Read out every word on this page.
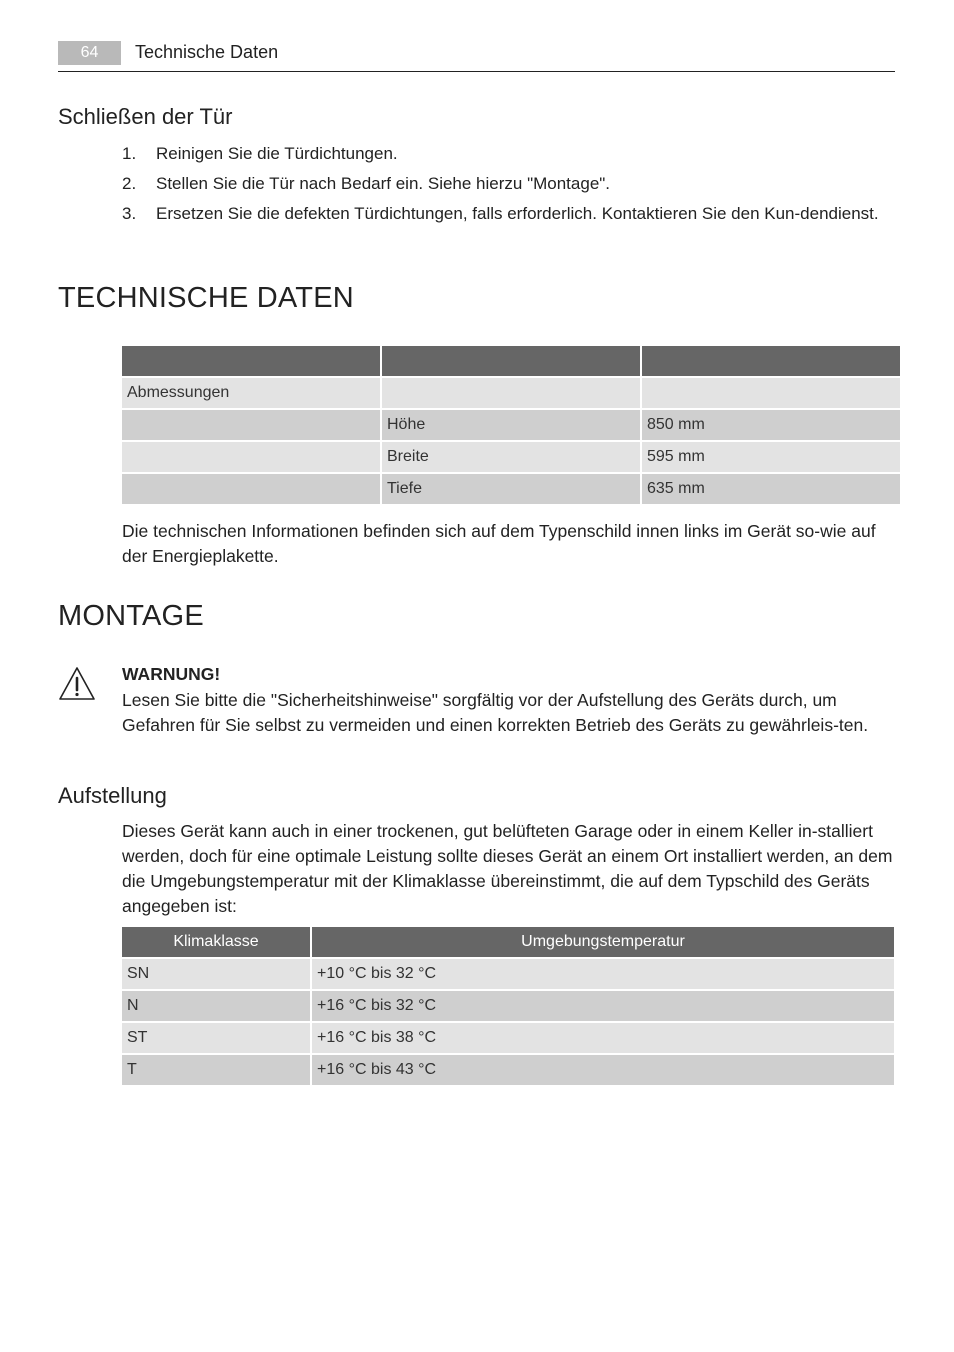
64	Technische Daten
Schließen der Tür
1. Reinigen Sie die Türdichtungen.
2. Stellen Sie die Tür nach Bedarf ein. Siehe hierzu "Montage".
3. Ersetzen Sie die defekten Türdichtungen, falls erforderlich. Kontaktieren Sie den Kun-dendienst.
TECHNISCHE DATEN

Abmessungen		
	Höhe	850 mm
	Breite	595 mm
	Tiefe	635 mm
Die technischen Informationen befinden sich auf dem Typenschild innen links im Gerät so-wie auf der Energieplakette.
MONTAGE
WARNUNG!
Lesen Sie bitte die "Sicherheitshinweise" sorgfältig vor der Aufstellung des Geräts durch, um Gefahren für Sie selbst zu vermeiden und einen korrekten Betrieb des Geräts zu gewährleis-ten.
Aufstellung
Dieses Gerät kann auch in einer trockenen, gut belüfteten Garage oder in einem Keller in-stalliert werden, doch für eine optimale Leistung sollte dieses Gerät an einem Ort installiert werden, an dem die Umgebungstemperatur mit der Klimaklasse übereinstimmt, die auf dem Typschild des Geräts angegeben ist:
Klimaklasse	Umgebungstemperatur
SN	+10 °C bis 32 °C
N	+16 °C bis 32 °C
ST	+16 °C bis 38 °C
T	+16 °C bis 43 °C
